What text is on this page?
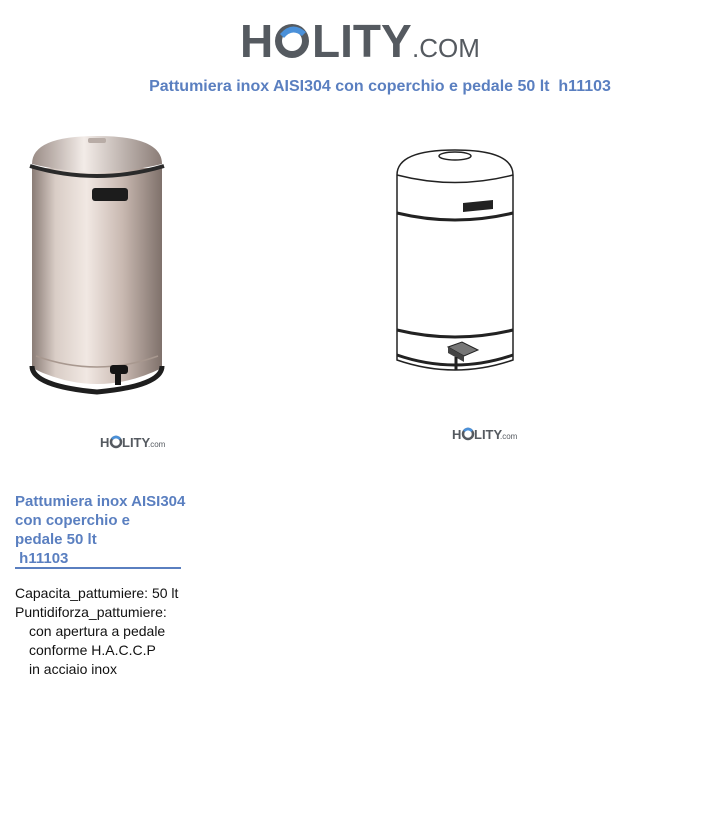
H LITY .COM
Pattumiera inox AISI304 con coperchio e pedale 50 lt  h11103
H LITY
.com
H LITY
.com
Pattumiera inox AISI304
con coperchio e
pedale 50 lt
h11103
Capacita_pattumiere: 50 lt
Puntidiforza_pattumiere:
con apertura a pedale
conforme H.A.C.C.P
in acciaio inox
